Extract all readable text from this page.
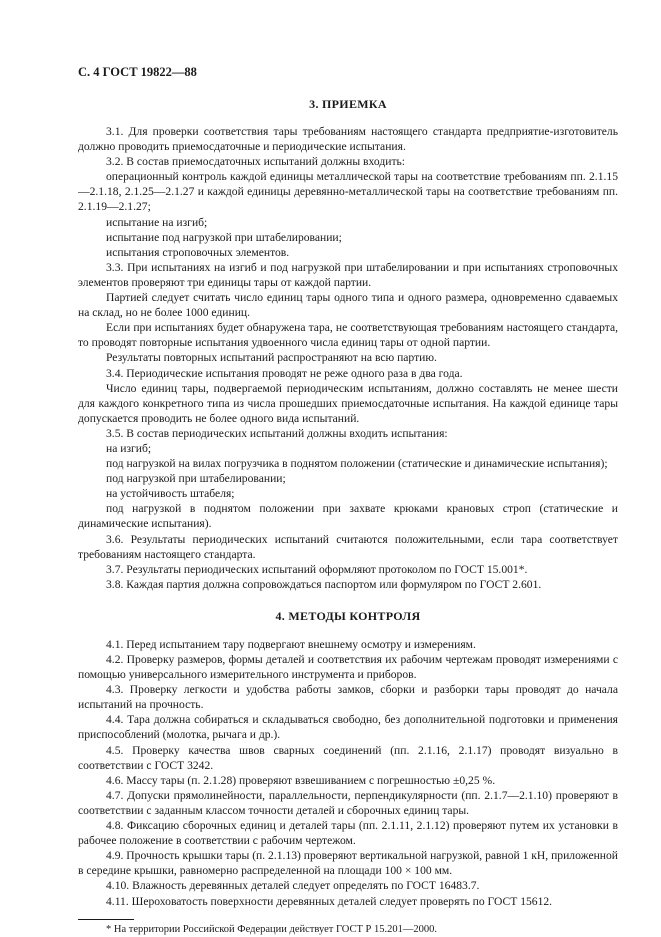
С. 4 ГОСТ 19822—88
3. ПРИЕМКА

3.1. Для проверки соответствия тары требованиям настоящего стандарта предприятие-изготовитель должно проводить приемосдаточные и периодические испытания.

3.2. В состав приемосдаточных испытаний должны входить:

операционный контроль каждой единицы металлической тары на соответствие требованиям пп. 2.1.15—2.1.18, 2.1.25—2.1.27 и каждой единицы деревянно-металлической тары на соответствие требованиям пп. 2.1.19—2.1.27;

испытание на изгиб;

испытание под нагрузкой при штабелировании;

испытания строповочных элементов.

3.3. При испытаниях на изгиб и под нагрузкой при штабелировании и при испытаниях строповочных элементов проверяют три единицы тары от каждой партии.

Партией следует считать число единиц тары одного типа и одного размера, одновременно сдаваемых на склад, но не более 1000 единиц.

Если при испытаниях будет обнаружена тара, не соответствующая требованиям настоящего стандарта, то проводят повторные испытания удвоенного числа единиц тары от одной партии.

Результаты повторных испытаний распространяют на всю партию.

3.4. Периодические испытания проводят не реже одного раза в два года.

Число единиц тары, подвергаемой периодическим испытаниям, должно составлять не менее шести для каждого конкретного типа из числа прошедших приемосдаточные испытания. На каждой единице тары допускается проводить не более одного вида испытаний.

3.5. В состав периодических испытаний должны входить испытания:

на изгиб;

под нагрузкой на вилах погрузчика в поднятом положении (статические и динамические испытания);

под нагрузкой при штабелировании;

на устойчивость штабеля;

под нагрузкой в поднятом положении при захвате крюками крановых строп (статические и динамические испытания).

3.6. Результаты периодических испытаний считаются положительными, если тара соответствует требованиям настоящего стандарта.

3.7. Результаты периодических испытаний оформляют протоколом по ГОСТ 15.001*.

3.8. Каждая партия должна сопровождаться паспортом или формуляром по ГОСТ 2.601.

4. МЕТОДЫ КОНТРОЛЯ

4.1. Перед испытанием тару подвергают внешнему осмотру и измерениям.

4.2. Проверку размеров, формы деталей и соответствия их рабочим чертежам проводят измерениями с помощью универсального измерительного инструмента и приборов.

4.3. Проверку легкости и удобства работы замков, сборки и разборки тары проводят до начала испытаний на прочность.

4.4. Тара должна собираться и складываться свободно, без дополнительной подготовки и применения приспособлений (молотка, рычага и др.).

4.5. Проверку качества швов сварных соединений (пп. 2.1.16, 2.1.17) проводят визуально в соответствии с ГОСТ 3242.

4.6. Массу тары (п. 2.1.28) проверяют взвешиванием с погрешностью ±0,25 %.

4.7. Допуски прямолинейности, параллельности, перпендикулярности (пп. 2.1.7—2.1.10) проверяют в соответствии с заданным классом точности деталей и сборочных единиц тары.

4.8. Фиксацию сборочных единиц и деталей тары (пп. 2.1.11, 2.1.12) проверяют путем их установки в рабочее положение в соответствии с рабочим чертежом.

4.9. Прочность крышки тары (п. 2.1.13) проверяют вертикальной нагрузкой, равной 1 кН, приложенной в середине крышки, равномерно распределенной на площади 100 × 100 мм.

4.10. Влажность деревянных деталей следует определять по ГОСТ 16483.7.

4.11. Шероховатость поверхности деревянных деталей следует проверять по ГОСТ 15612.

* На территории Российской Федерации действует ГОСТ Р 15.201—2000.
